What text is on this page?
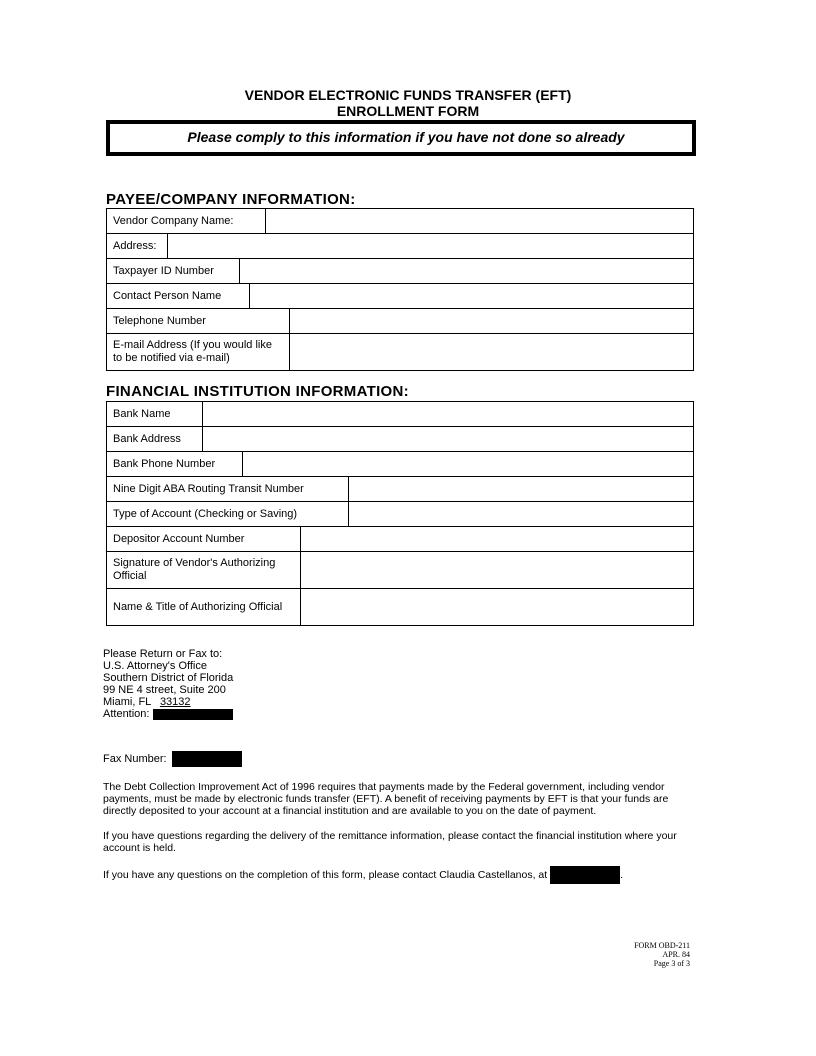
VENDOR ELECTRONIC FUNDS TRANSFER (EFT)
ENROLLMENT FORM
Please comply to this information if you have not done so already
PAYEE/COMPANY INFORMATION:
Vendor Company Name:
Address:
Taxpayer ID Number
Contact Person Name
Telephone Number
E-mail Address (If you would like to be notified via e-mail)
FINANCIAL INSTITUTION INFORMATION:
Bank Name
Bank Address
Bank Phone Number
Nine Digit ABA Routing Transit Number
Type of Account (Checking or Saving)
Depositor Account Number
Signature of Vendor's Authorizing Official
Name & Title of Authorizing Official
Please Return or Fax to:
U.S. Attorney's Office
Southern District of Florida
99 NE 4 street, Suite 200
Miami, FL 33132
Attention:
Fax Number:
The Debt Collection Improvement Act of 1996 requires that payments made by the Federal government, including vendor payments, must be made by electronic funds transfer (EFT). A benefit of receiving payments by EFT is that your funds are directly deposited to your account at a financial institution and are available to you on the date of payment.
If you have questions regarding the delivery of the remittance information, please contact the financial institution where your account is held.
If you have any questions on the completion of this form, please contact Claudia Castellanos, at	.
FORM OBD-211
APR. 84
Page 3 of 3
